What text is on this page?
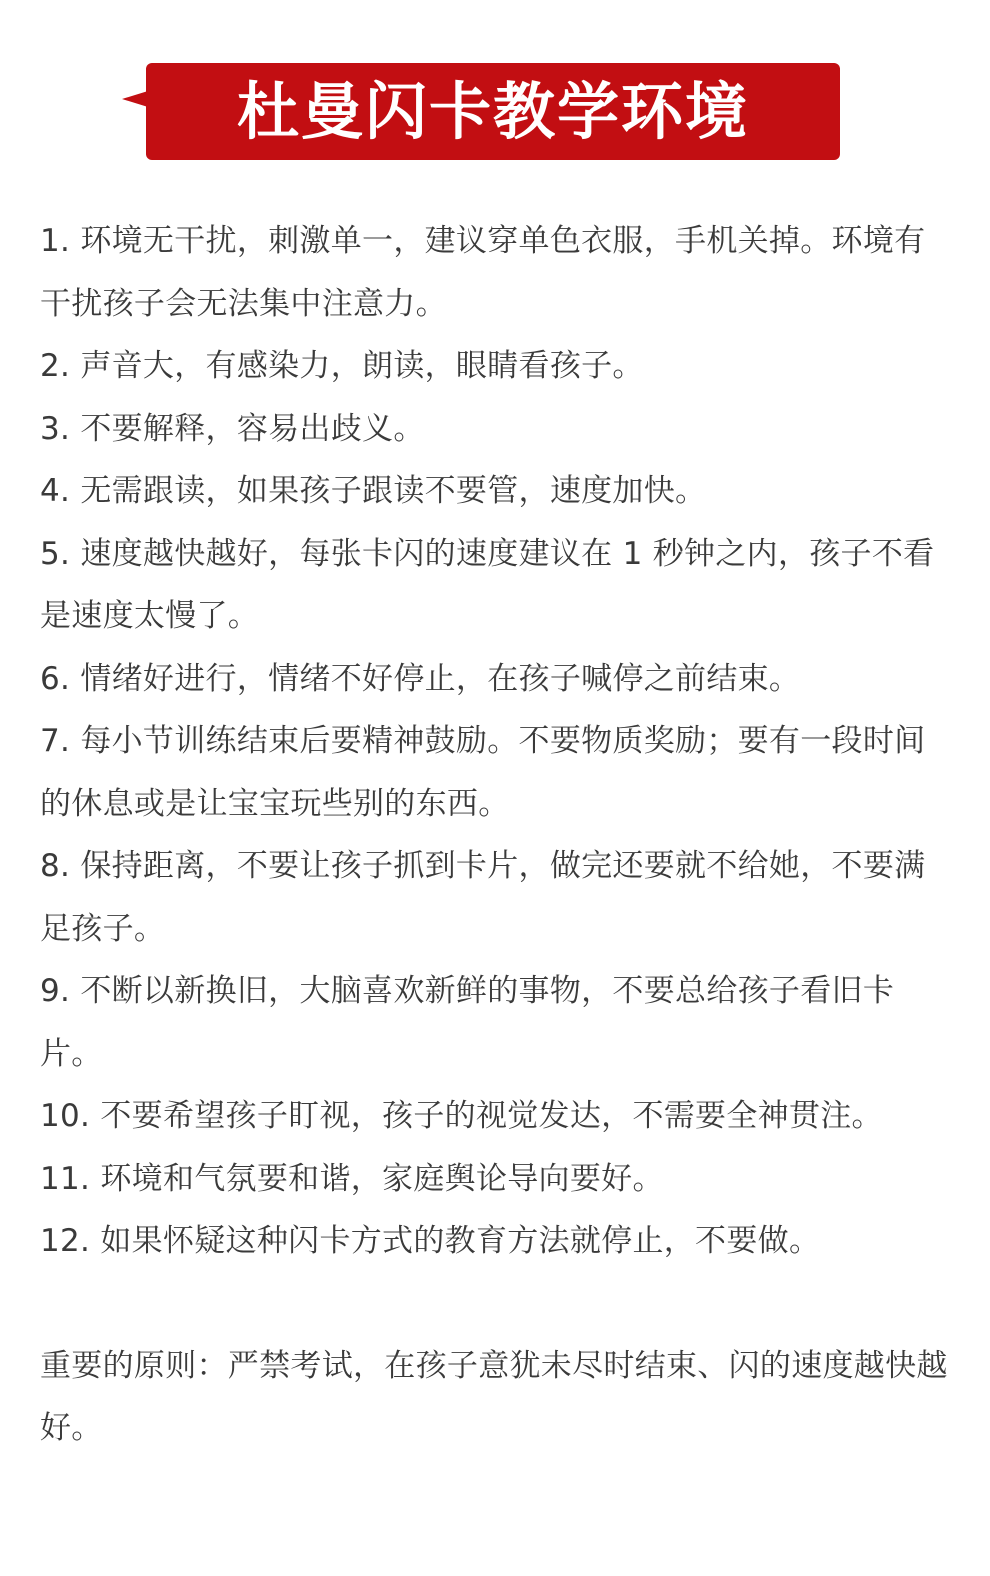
杜曼闪卡教学环境

1. 环境无干扰，刺激单一，建议穿单色衣服，手机关掉。环境有干扰孩子会无法集中注意力。

2. 声音大，有感染力，朗读，眼睛看孩子。

3. 不要解释，容易出歧义。

4. 无需跟读，如果孩子跟读不要管，速度加快。

5. 速度越快越好，每张卡闪的速度建议在 1 秒钟之内，孩子不看是速度太慢了。

6. 情绪好进行，情绪不好停止，在孩子喊停之前结束。

7. 每小节训练结束后要精神鼓励。不要物质奖励；要有一段时间的休息或是让宝宝玩些别的东西。

8. 保持距离，不要让孩子抓到卡片，做完还要就不给她，不要满足孩子。

9. 不断以新换旧，大脑喜欢新鲜的事物，不要总给孩子看旧卡片。

10. 不要希望孩子盯视，孩子的视觉发达，不需要全神贯注。

11. 环境和气氛要和谐，家庭舆论导向要好。

12. 如果怀疑这种闪卡方式的教育方法就停止，不要做。

重要的原则：严禁考试，在孩子意犹未尽时结束、闪的速度越快越好。
